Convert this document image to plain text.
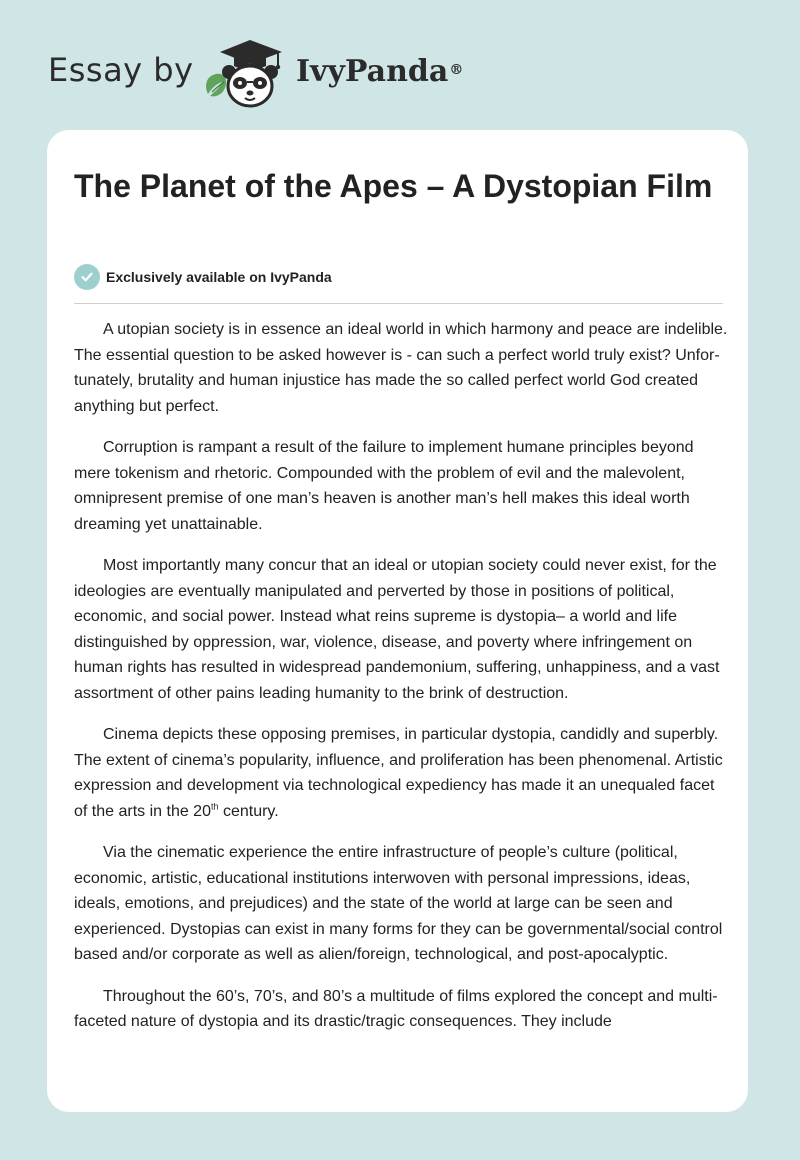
Essay by	IvyPanda®
The Planet of the Apes – A Dystopian Film
Exclusively available on IvyPanda

A utopian society is in essence an ideal world in which harmony and peace are indelible. The essential question to be asked however is - can such a perfect world truly exist? Unfor-tunately, brutality and human injustice has made the so called perfect world God created anything but perfect.

Corruption is rampant a result of the failure to implement humane principles beyond mere tokenism and rhetoric. Compounded with the problem of evil and the malevolent, omnipresent premise of one man’s heaven is another man’s hell makes this ideal worth dreaming yet unattainable.

Most importantly many concur that an ideal or utopian society could never exist, for the ideologies are eventually manipulated and perverted by those in positions of political, economic, and social power. Instead what reins supreme is dystopia– a world and life distinguished by oppression, war, violence, disease, and poverty where infringement on human rights has resulted in widespread pandemonium, suffering, unhappiness, and a vast assortment of other pains leading humanity to the brink of destruction.

Cinema depicts these opposing premises, in particular dystopia, candidly and superbly. The extent of cinema’s popularity, influence, and proliferation has been phenomenal. Artistic expression and development via technological expediency has made it an unequaled facet of the arts in the 20th century.

Via the cinematic experience the entire infrastructure of people’s culture (political, economic, artistic, educational institutions interwoven with personal impressions, ideas, ideals, emotions, and prejudices) and the state of the world at large can be seen and experienced. Dystopias can exist in many forms for they can be governmental/social control based and/or corporate as well as alien/foreign, technological, and post-apocalyptic.

Throughout the 60’s, 70’s, and 80’s a multitude of films explored the concept and multi-faceted nature of dystopia and its drastic/tragic consequences. They include
